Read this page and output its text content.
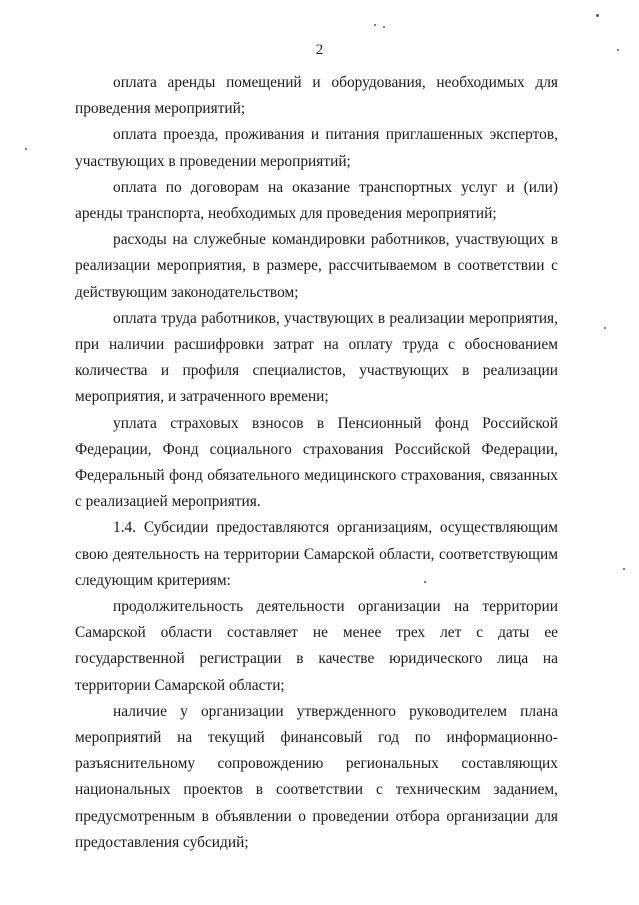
2

оплата аренды помещений и оборудования, необходимых для проведения мероприятий;

оплата проезда, проживания и питания приглашенных экспертов, участвующих в проведении мероприятий;

оплата по договорам на оказание транспортных услуг и (или) аренды транспорта, необходимых для проведения мероприятий;

расходы на служебные командировки работников, участвующих в реализации мероприятия, в размере, рассчитываемом в соответствии с действующим законодательством;

оплата труда работников, участвующих в реализации мероприятия, при наличии расшифровки затрат на оплату труда с обоснованием количества и профиля специалистов, участвующих в реализации мероприятия, и затраченного времени;

уплата страховых взносов в Пенсионный фонд Российской Федерации, Фонд социального страхования Российской Федерации, Федеральный фонд обязательного медицинского страхования, связанных с реализацией мероприятия.

1.4. Субсидии предоставляются организациям, осуществляющим свою деятельность на территории Самарской области, соответствующим следующим критериям:

продолжительность деятельности организации на территории Самарской области составляет не менее трех лет с даты ее государственной регистрации в качестве юридического лица на территории Самарской области;

наличие у организации утвержденного руководителем плана мероприятий на текущий финансовый год по информационно-разъяснительному сопровождению региональных составляющих национальных проектов в соответствии с техническим заданием, предусмотренным в объявлении о проведении отбора организации для предоставления субсидий;
